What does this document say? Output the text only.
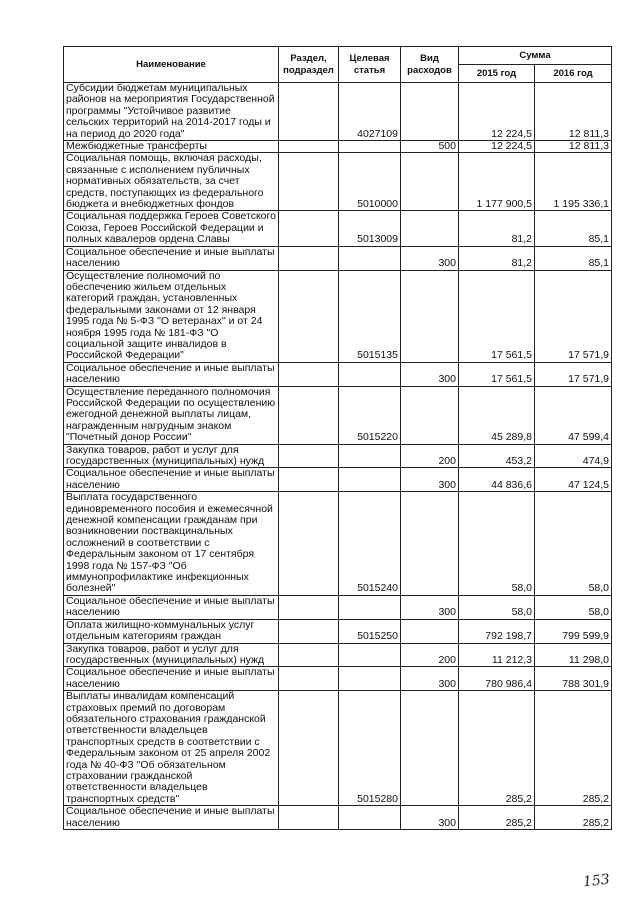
Наименование	Раздел, подраздел	Целевая статья	Вид расходов	Сумма	
				2015 год	2016 год
Субсидии бюджетам муниципальных районов на мероприятия Государственной программы "Устойчивое развитие сельских территорий на 2014-2017 годы и на период до 2020 года"		4027109		12 224,5	12 811,3
Межбюджетные трансферты			500	12 224,5	12 811,3
Социальная помощь, включая расходы, связанные с исполнением публичных нормативных обязательств, за счет средств, поступающих из федерального бюджета и внебюджетных фондов		5010000		1 177 900,5	1 195 336,1
Социальная поддержка Героев Советского Союза, Героев Российской Федерации и полных кавалеров ордена Славы		5013009		81,2	85,1
Социальное обеспечение и иные выплаты населению			300	81,2	85,1
Осуществление полномочий по обеспечению жильем отдельных категорий граждан, установленных федеральными законами от 12 января 1995 года № 5-ФЗ "О ветеранах" и от 24 ноября 1995 года № 181-ФЗ "О социальной защите инвалидов в Российской Федерации"		5015135		17 561,5	17 571,9
Социальное обеспечение и иные выплаты населению			300	17 561,5	17 571,9
Осуществление переданного полномочия Российской Федерации по осуществлению ежегодной денежной выплаты лицам, награжденным нагрудным знаком "Почетный донор России"		5015220		45 289,8	47 599,4
Закупка товаров, работ и услуг для государственных (муниципальных) нужд			200	453,2	474,9
Социальное обеспечение и иные выплаты населению			300	44 836,6	47 124,5
Выплата государственного единовременного пособия и ежемесячной денежной компенсации гражданам при возникновении поствакцинальных осложнений в соответствии с Федеральным законом от 17 сентября 1998 года № 157-ФЗ "Об иммунопрофилактике инфекционных болезней"		5015240		58,0	58,0
Социальное обеспечение и иные выплаты населению			300	58,0	58,0
Оплата жилищно-коммунальных услуг отдельным категориям граждан		5015250		792 198,7	799 599,9
Закупка товаров, работ и услуг для государственных (муниципальных) нужд			200	11 212,3	11 298,0
Социальное обеспечение и иные выплаты населению			300	780 986,4	788 301,9
Выплаты инвалидам компенсаций страховых премий по договорам обязательного страхования гражданской ответственности владельцев транспортных средств в соответствии с Федеральным законом от 25 апреля 2002 года № 40-ФЗ "Об обязательном страховании гражданской ответственности владельцев транспортных средств"		5015280		285,2	285,2
Социальное обеспечение и иные выплаты населению			300	285,2	285,2
153
